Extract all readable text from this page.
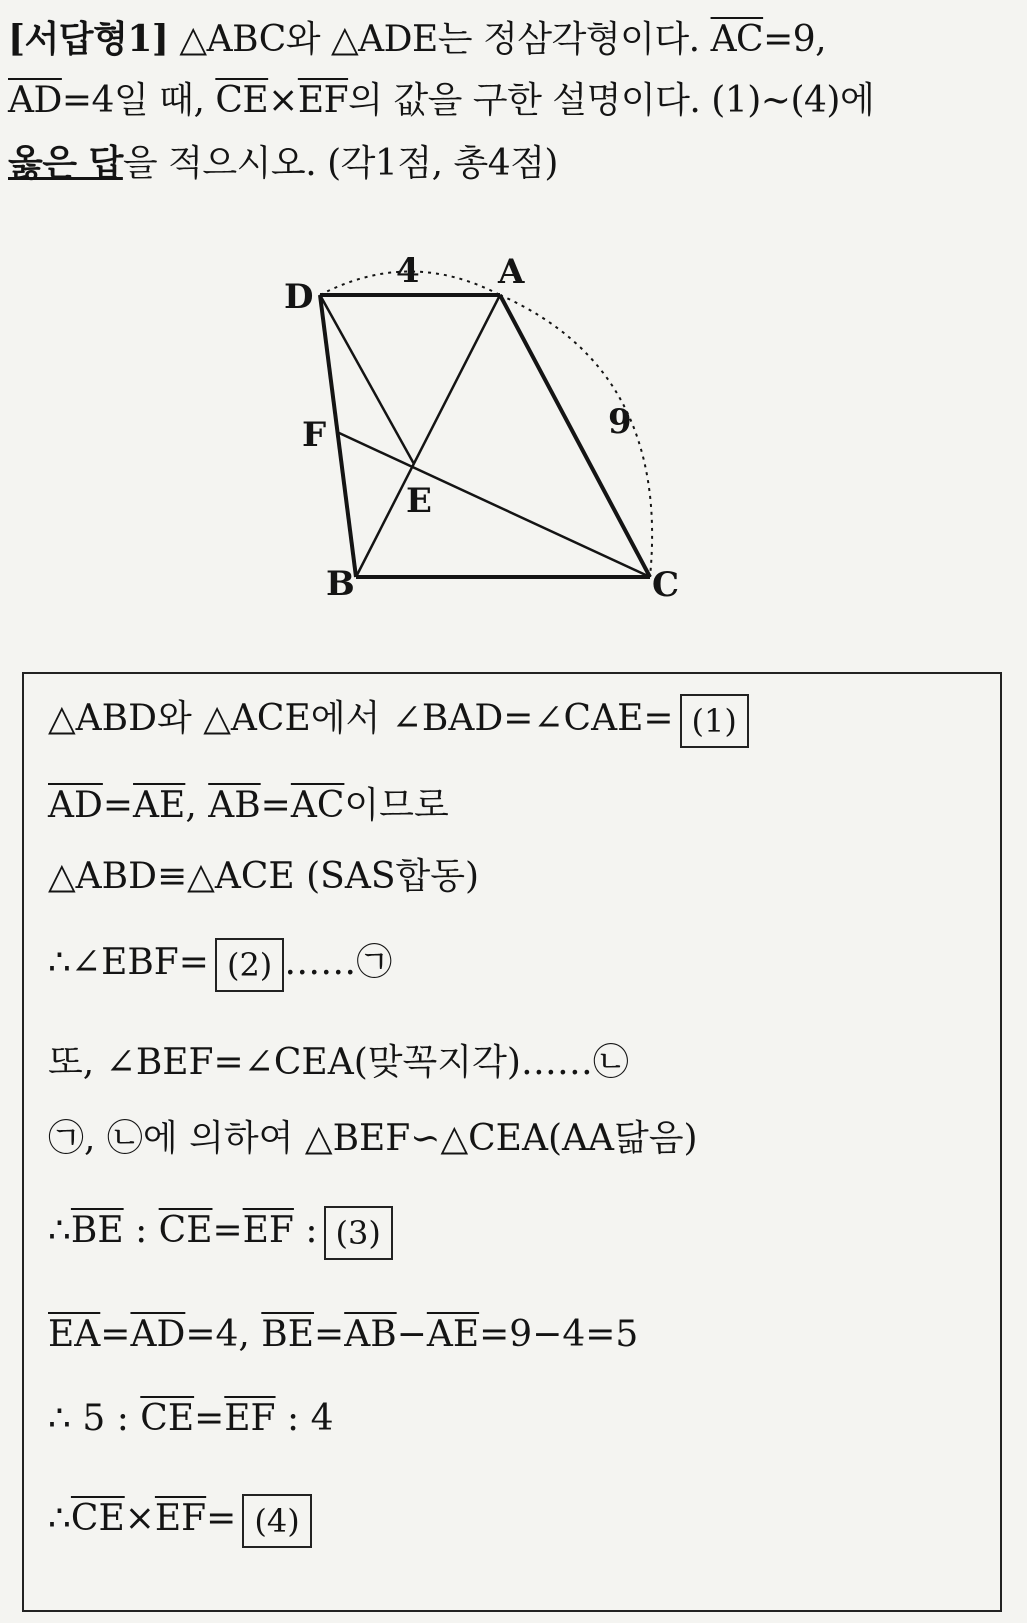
[서답형1] △ABC와 △ADE는 정삼각형이다. $\overline{AC}=9$,
$\overline{AD}=4$일 때, $\overline{CE}\times\overline{EF}$의 값을 구한 설명이다. (1)~(4)에
옳은 답을 적으시오. (각1점, 총4점)
D
A
F
E
B	C
4
9
△ABD와 △ACE에서 ∠BAD=∠CAE= (1)
$\overline{AD}=\overline{AE}$, $\overline{AB}=\overline{AC}$이므로
△ABD≡△ACE (SAS합동)
∴∠EBF= (2) ……㉠
또, ∠BEF=∠CEA(맞꼭지각)……㉡
㉠, ㉡에 의하여 △BEF∽△CEA(AA닮음)
$\therefore\overline{BE}$ : $\overline{CE}=\overline{EF}$ : (3)
$\overline{EA}=\overline{AD}=4$, $\overline{BE}=\overline{AB}-\overline{AE}=9-4=5$
∴ 5 : $\overline{CE}=\overline{EF}$ : 4
$\therefore\overline{CE}\times\overline{EF}= (4)$
